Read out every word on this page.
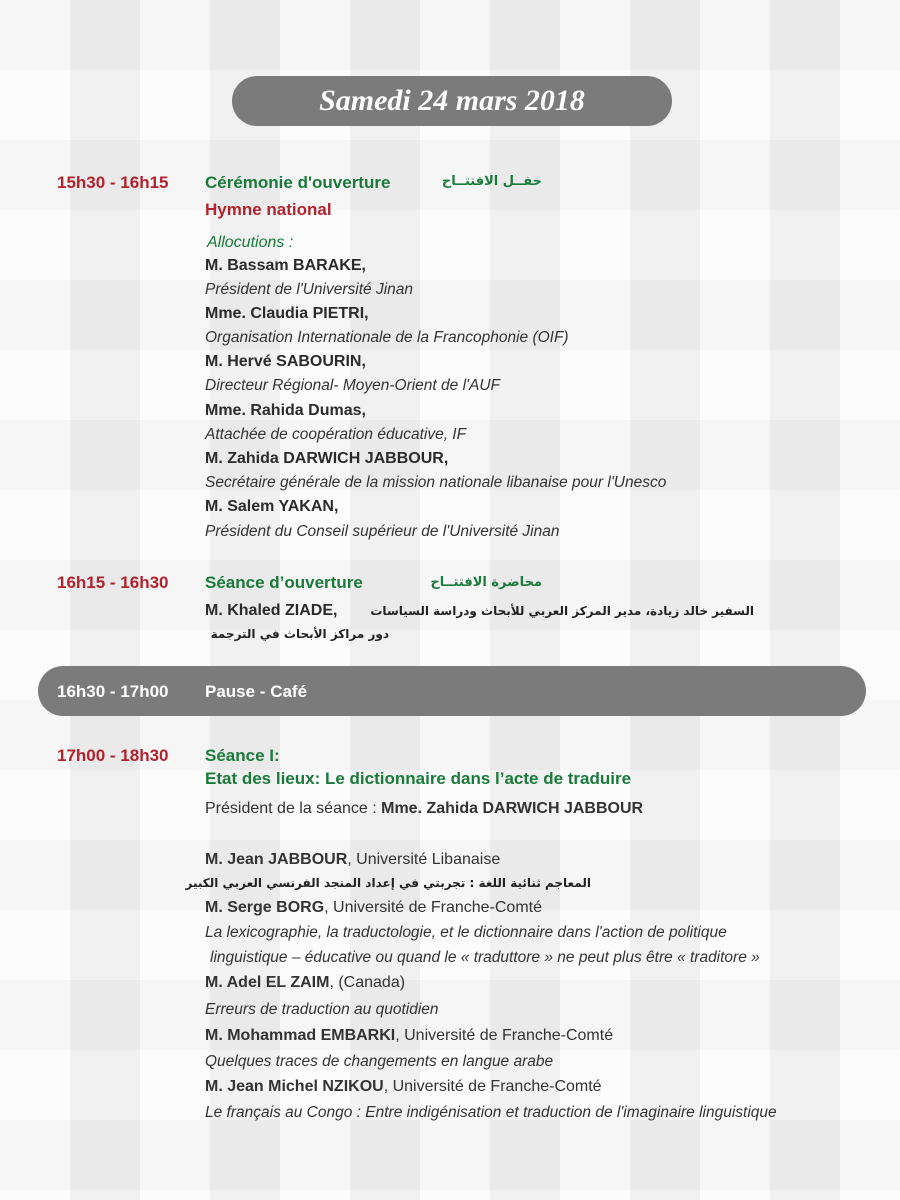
Samedi 24 mars 2018
15h30 - 16h15 Cérémonie d'ouverture	حفــل الافتتــاح
Hymne national
Allocutions :
M. Bassam BARAKE,
Président de l'Université Jinan
Mme. Claudia PIETRI,
Organisation Internationale de la Francophonie (OIF)
M. Hervé SABOURIN,
Directeur Régional- Moyen-Orient de l'AUF
Mme. Rahida Dumas,
Attachée de coopération éducative, IF
M. Zahida DARWICH JABBOUR,
Secrétaire générale de la mission nationale libanaise pour l'Unesco
M. Salem YAKAN,
Président du Conseil supérieur de l'Université Jinan
16h15 - 16h30 Séance d’ouverture	محاضرة الافتتــاح
M. Khaled ZIADE,	السفير خالد زيادة، مدير المركز العربي للأبحاث ودراسة السياسات
دور مراكز الأبحاث في الترجمة
16h30 - 17h00 Pause - Café
17h00 - 18h30 Séance I:
Etat des lieux: Le dictionnaire dans l’acte de traduire
Président de la séance : Mme. Zahida DARWICH JABBOUR
M. Jean JABBOUR, Université Libanaise
المعاجم ثنائية اللغة : تجربتي في إعداد المنجد الفرنسي العربي الكبير
M. Serge BORG, Université de Franche-Comté
La lexicographie, la traductologie, et le dictionnaire dans l'action de politique
linguistique – éducative ou quand le « traduttore » ne peut plus être « traditore »
M. Adel EL ZAIM, (Canada)
Erreurs de traduction au quotidien
M. Mohammad EMBARKI, Université de Franche-Comté
Quelques traces de changements en langue arabe
M. Jean Michel NZIKOU, Université de Franche-Comté
Le français au Congo : Entre indigénisation et traduction de l'imaginaire linguistique
